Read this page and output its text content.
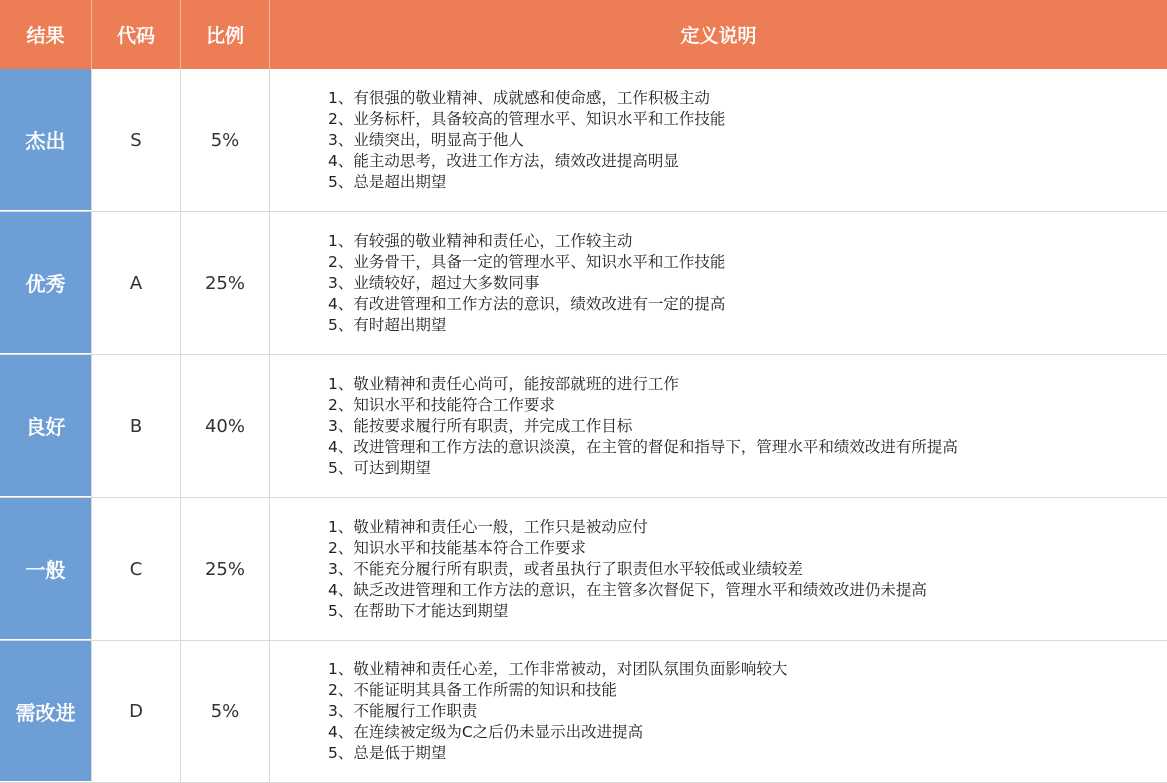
结果	代码	比例	定义说明
杰出	S	5%
1、有很强的敬业精神、成就感和使命感，工作积极主动
2、业务标杆，具备较高的管理水平、知识水平和工作技能
3、业绩突出，明显高于他人
4、能主动思考，改进工作方法，绩效改进提高明显
5、总是超出期望
优秀	A	25%
1、有较强的敬业精神和责任心，工作较主动
2、业务骨干，具备一定的管理水平、知识水平和工作技能
3、业绩较好，超过大多数同事
4、有改进管理和工作方法的意识，绩效改进有一定的提高
5、有时超出期望
良好	B	40%
1、敬业精神和责任心尚可，能按部就班的进行工作
2、知识水平和技能符合工作要求
3、能按要求履行所有职责，并完成工作目标
4、改进管理和工作方法的意识淡漠，在主管的督促和指导下，管理水平和绩效改进有所提高
5、可达到期望
一般	C	25%
1、敬业精神和责任心一般，工作只是被动应付
2、知识水平和技能基本符合工作要求
3、不能充分履行所有职责，或者虽执行了职责但水平较低或业绩较差
4、缺乏改进管理和工作方法的意识，在主管多次督促下，管理水平和绩效改进仍未提高
5、在帮助下才能达到期望
需改进	D	5%
1、敬业精神和责任心差，工作非常被动，对团队氛围负面影响较大
2、不能证明其具备工作所需的知识和技能
3、不能履行工作职责
4、在连续被定级为C之后仍未显示出改进提高
5、总是低于期望
